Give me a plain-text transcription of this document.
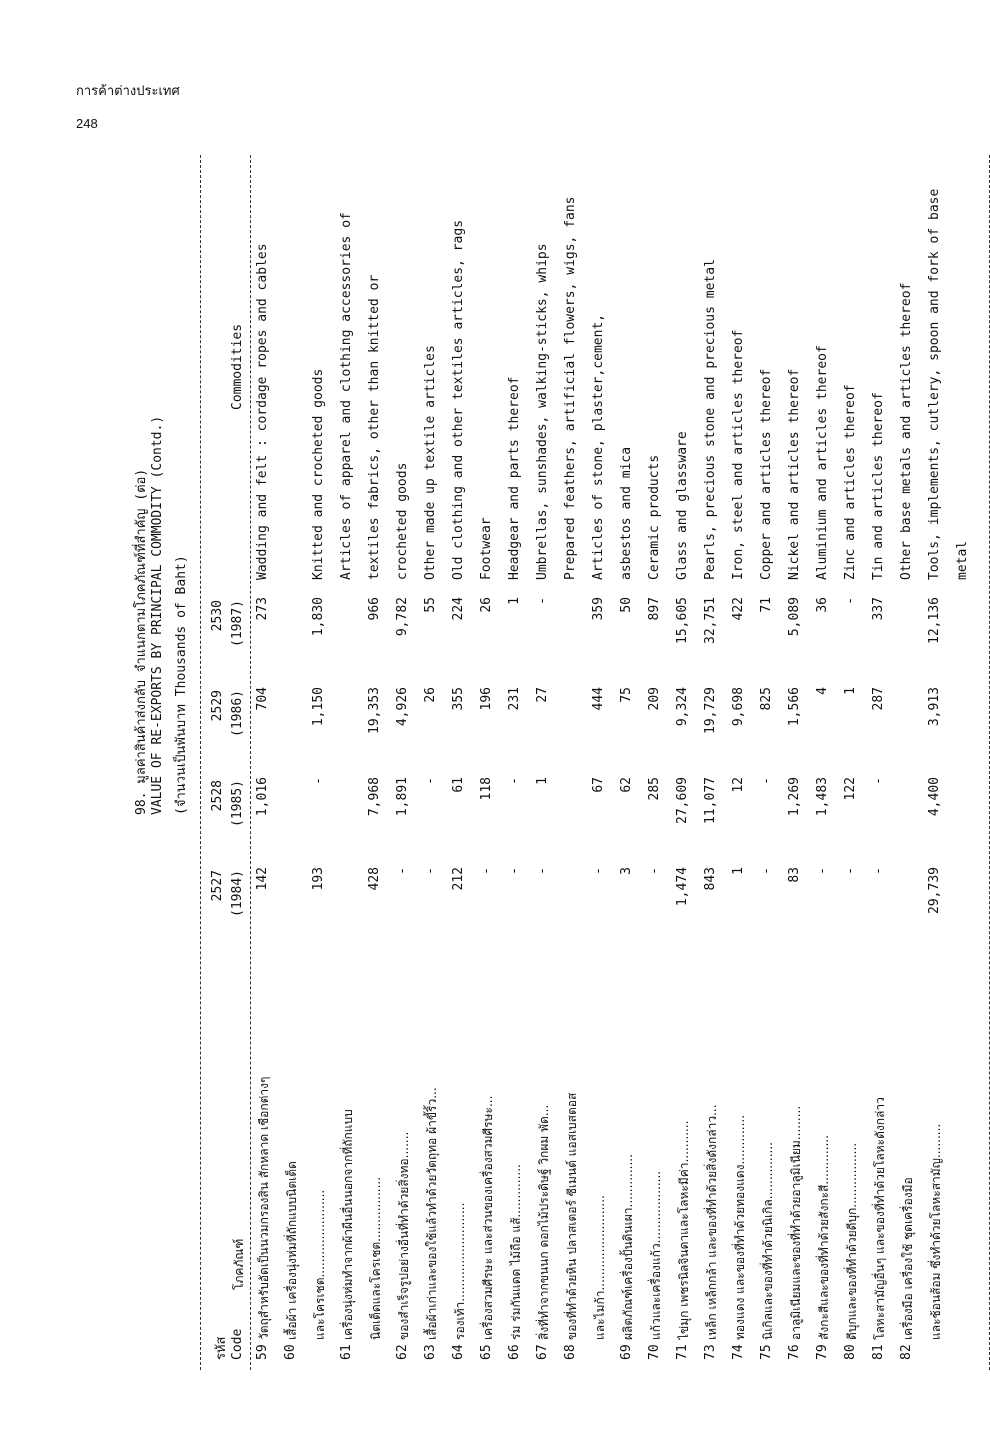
การค้าต่างประเทศ
248
98. มูลค่าสินค้าส่งกลับ จำแนกตามโภคภัณฑ์ที่สำคัญ (ต่อ) VALUE OF RE-EXPORTS BY PRINCIPAL COMMODITY (Contd.) (จำนวนเป็นพันบาท Thousands of Baht)
รหัส Code
โภคภัณฑ์
2527 (1984)
2528 (1985)
2529 (1986)
2530 (1987)
Commodities
59
วัตถุสำหรับอัดเป็นนวมกรองสิน สักหลาด เชือกต่างๆ
142
1,016
704
273
Wadding and felt : cordage ropes and cables
60
เสื้อผ้า เครื่องนุ่งห่มที่ถักแบบนิตเต็ด และโครเชต.......................
193
-
1,150
1,830
Knitted and crocheted goods
61
เครื่องนุ่งห่มทำจากผ้าผืนอื่นนอกจากที่ถักแบบ
Articles of apparel and clothing accessories of
นิตเต็ดและโครเชต.................
428
7,968
19,353
966
textiles fabrics, other than knitted or
62
ของสำเร็จรูปอย่างอื่นที่ทำด้วยสิ่งทอ.......
-
1,891
4,926
9,782
crocheted goods
63
เสื้อผ้าเก่าและของใช้แล้วทำด้วยวัตถุทอ ผ้าขี้ริ้ว...
-
-
26
55
Other made up textile articles
64
รองเท้า..........................
212
61
355
224
Old clothing and other textiles articles, rags
65
เครื่องสวมศีรษะ และส่วนของเครื่องสวมศีรษะ...
-
118
196
26
Footwear
66
ร่ม ร่มกันแดด ไม้ถือ แส้..............
-
-
231
1
Headgear and parts thereof
67
สิ่งที่ทำจากขนนก ดอกไม้ประดิษฐ์ วิกผม พัด...
-
1
27
-
Umbrellas, sunshades, walking-sticks, whips
68
ของที่ทำด้วยหิน ปลาสเตอร์ ซีเมนต์ แอสเบสตอส
Prepared feathers, artificial flowers, wigs, fans
และไมก้า.........................
-
67
444
359
Articles of stone, plaster,cement,
69
ผลิตภัณฑ์เครื่องปั้นดินเผา..............
3
62
75
50
asbestos and mica
70
แก้วและเครื่องแก้ว...................
-
285
209
897
Ceramic products
71
ไข่มุก เพชรนิลจินดาและโลหะมีค่า...........
1,474
27,609
9,324
15,605
Glass and glassware
73
เหล็ก เหล็กกล้า และของที่ทำด้วยสิ่งดังกล่าว...
843
11,077
19,729
32,751
Pearls, precious stone and precious metal
74
ทองแดง และของที่ทำด้วยทองแดง.............
1
12
9,698
422
Iron, steel and articles thereof
75
นิเกิลและของที่ทำด้วยนิเกิล...............
-
-
825
71
Copper and articles thereof
76
อาลูมิเนียมและของที่ทำด้วยอาลูมิเนียม.........
83
1,269
1,566
5,089
Nickel and articles thereof
79
สังกะสีและของที่ทำด้วยสังกะสี.............
-
1,483
4
36
Aluminium and articles thereof
80
ดีบุกและของที่ทำด้วยดีบุก.................
-
122
1
-
Zinc and articles thereof
81
โลหะสามัญอื่นๆ และของที่ทำด้วยโลหะดังกล่าว
-
-
287
337
Tin and articles thereof
82
เครื่องมือ เครื่องใช้ ชุดเครื่องมือ
Other base metals and articles thereof
และช้อนส้อม ซึ่งทำด้วยโลหะสามัญ.........
29,739
4,400
3,913
12,136
Tools, implements, cutlery, spoon and fork of base metal
